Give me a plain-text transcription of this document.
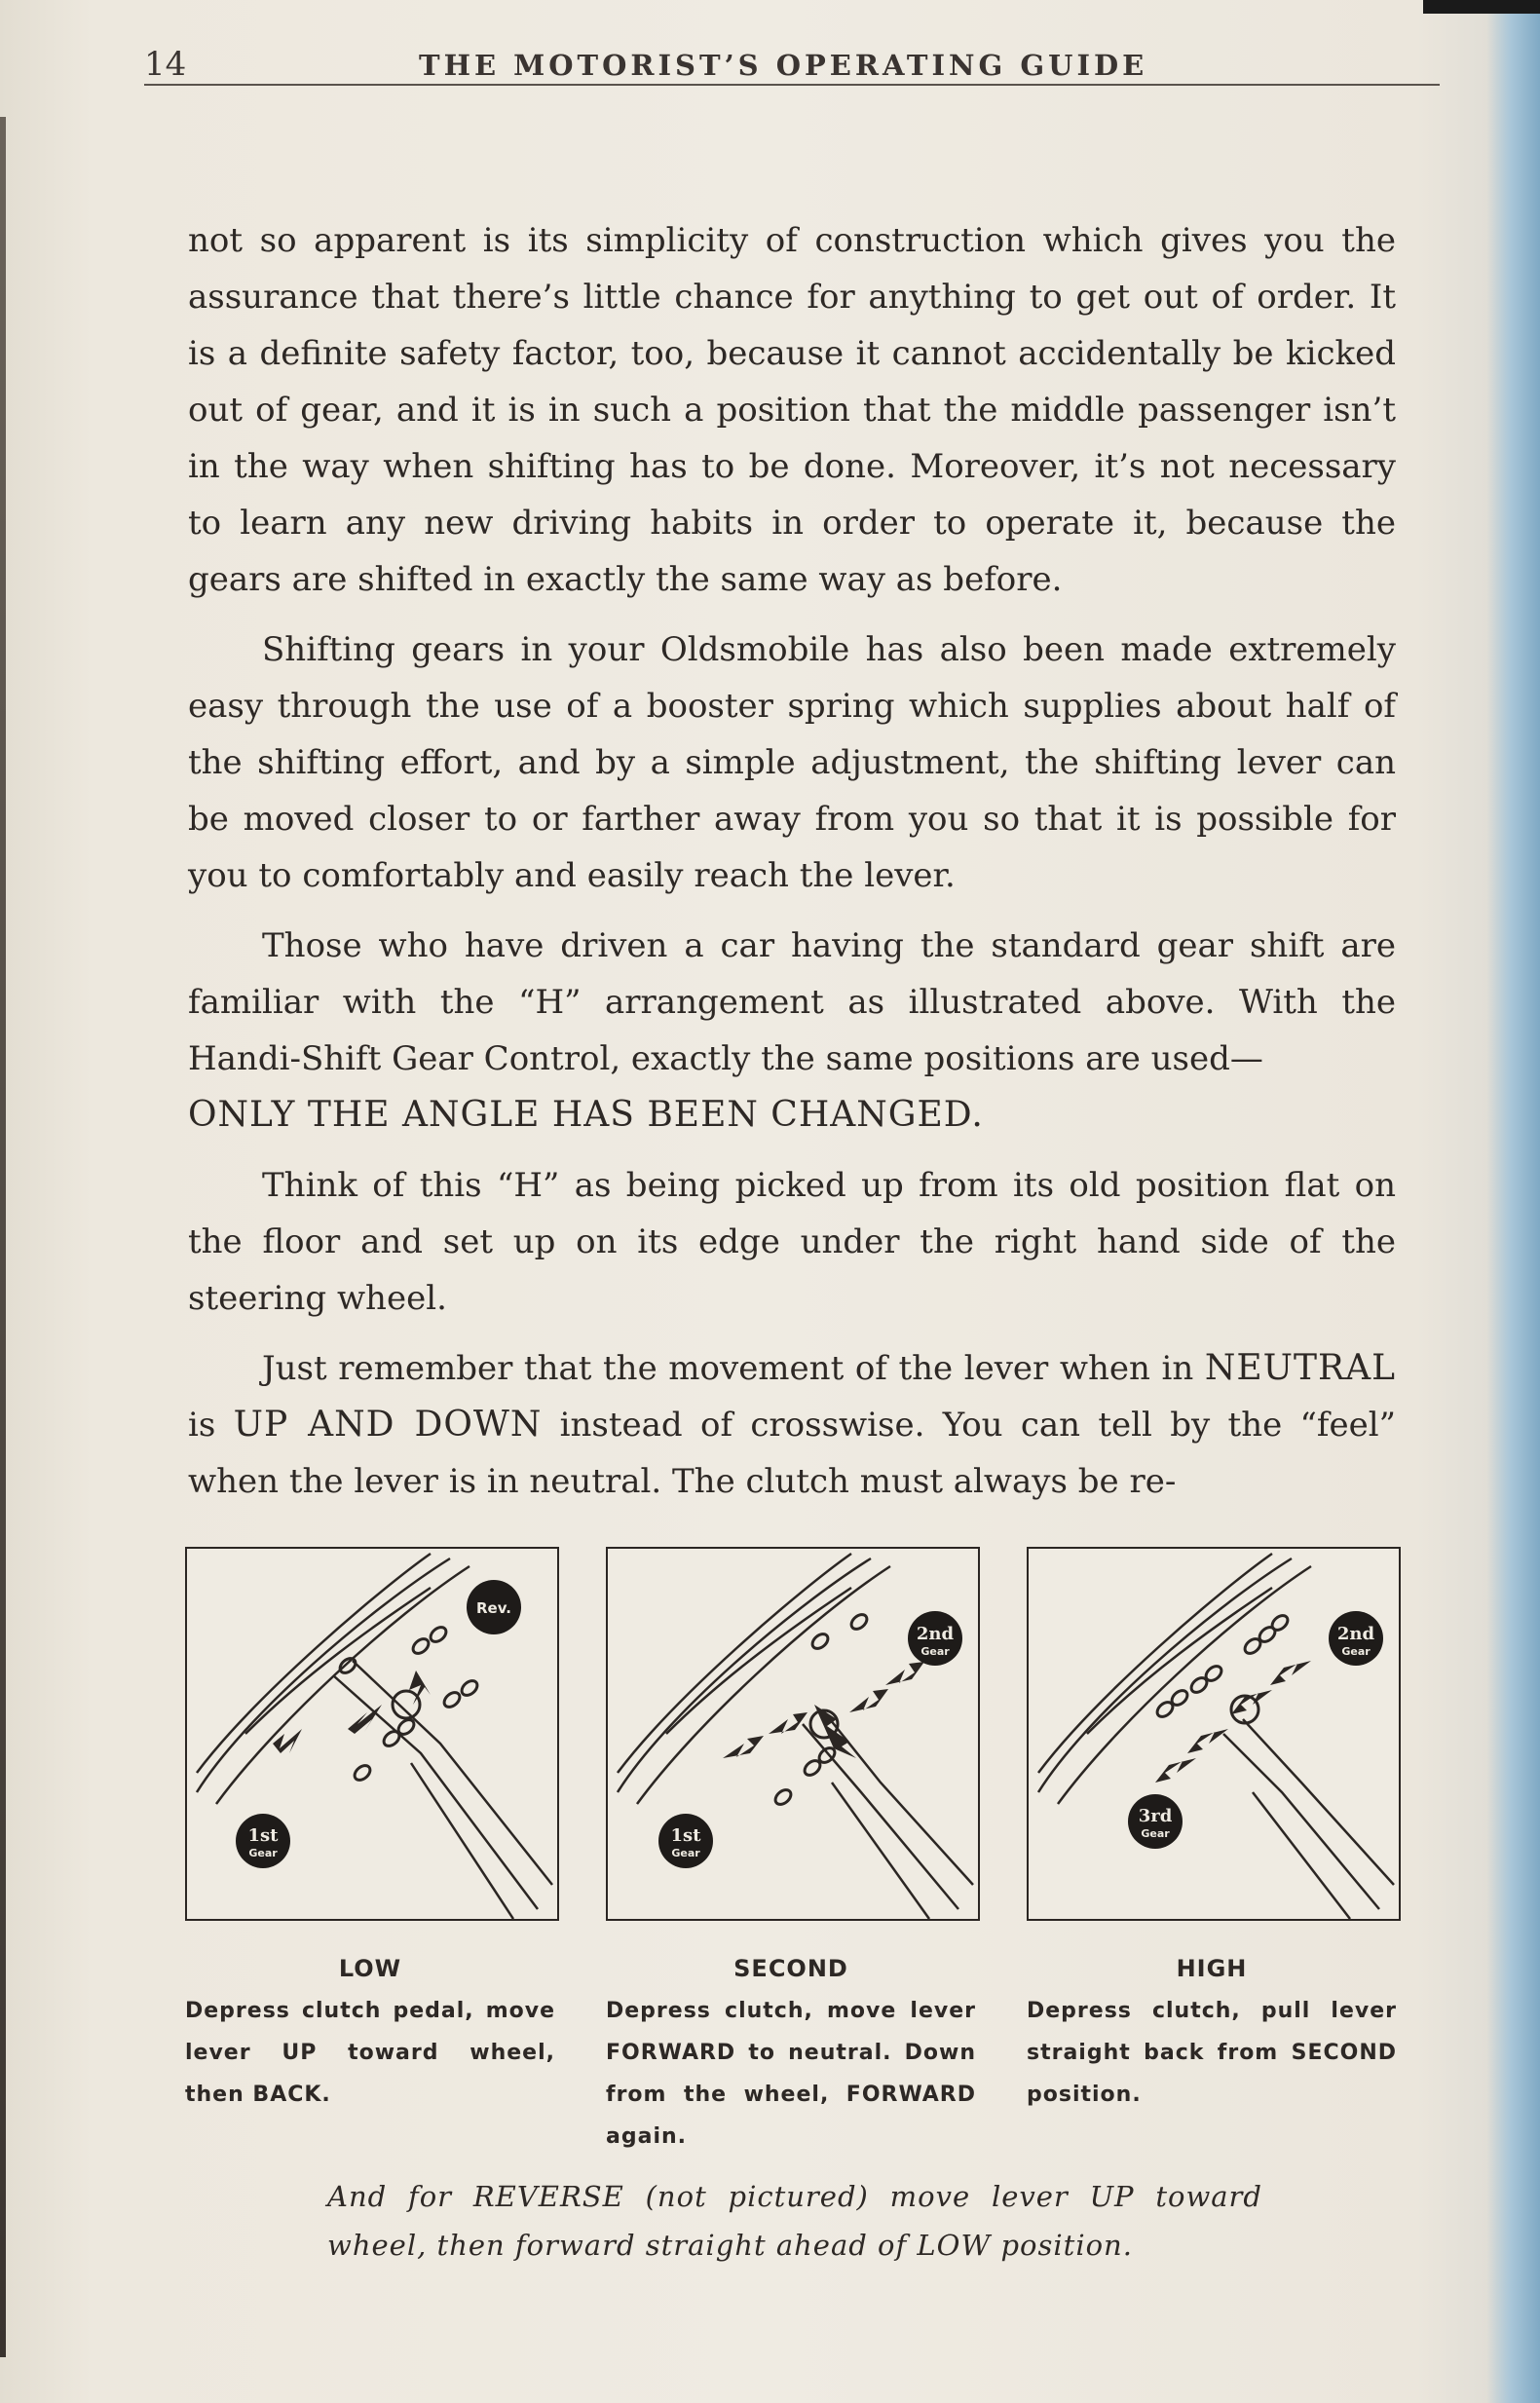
14	THE MOTORIST’S OPERATING GUIDE

not so apparent is its simplicity of construction which gives you the assurance that there’s little chance for anything to get out of order. It is a definite safety factor, too, because it cannot accidentally be kicked out of gear, and it is in such a position that the middle passenger isn’t in the way when shifting has to be done. Moreover, it’s not necessary to learn any new driving habits in order to operate it, because the gears are shifted in exactly the same way as before.

Shifting gears in your Oldsmobile has also been made extremely easy through the use of a booster spring which supplies about half of the shifting effort, and by a simple adjustment, the shifting lever can be moved closer to or farther away from you so that it is possible for you to comfortably and easily reach the lever.

Those who have driven a car having the standard gear shift are familiar with the “H” arrangement as illustrated above. With the Handi-Shift Gear Control, exactly the same positions are used—
ONLY THE ANGLE HAS BEEN CHANGED.

Think of this “H” as being picked up from its old position flat on the floor and set up on its edge under the right hand side of the steering wheel.

Just remember that the movement of the lever when in NEUTRAL is UP AND DOWN instead of crosswise. You can tell by the “feel” when the lever is in neutral. The clutch must always be re-

Rev.
1st
Gear
2nd
Gear
1st
Gear
2nd
Gear
3rd
Gear
LOW
Depress clutch pedal, move lever UP toward wheel, then BACK.
SECOND
Depress clutch, move lever FORWARD to neutral. Down from the wheel, FORWARD again.
HIGH
Depress clutch, pull lever straight back from SECOND position.
And for REVERSE (not pictured) move lever UP toward wheel, then forward straight ahead of LOW position.
